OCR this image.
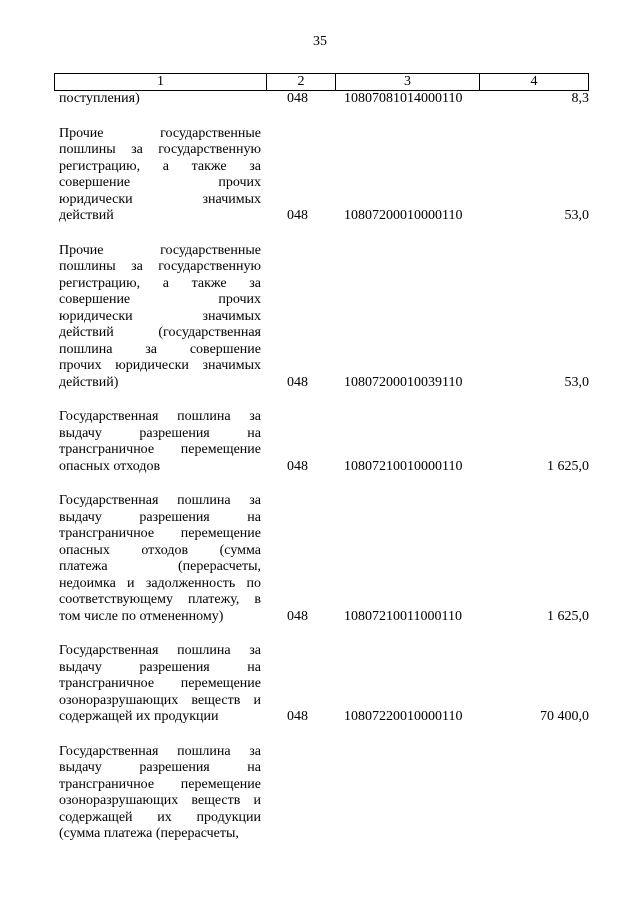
35
1	2	3	4
поступления)	048	10807081014000110	8,3
Прочие государственные
пошлины за государственную
регистрацию, а также за
совершение прочих
юридически значимых
действий	048	10807200010000110	53,0
Прочие государственные
пошлины за государственную
регистрацию, а также за
совершение прочих
юридически значимых
действий (государственная
пошлина за совершение
прочих юридически значимых
действий)	048	10807200010039110	53,0
Государственная пошлина за
выдачу разрешения на
трансграничное перемещение
опасных отходов	048	10807210010000110	1 625,0
Государственная пошлина за
выдачу разрешения на
трансграничное перемещение
опасных отходов (сумма
платежа (перерасчеты,
недоимка и задолженность по
соответствующему платежу, в
том числе по отмененному)	048	10807210011000110	1 625,0
Государственная пошлина за
выдачу разрешения на
трансграничное перемещение
озоноразрушающих веществ и
содержащей их продукции	048	10807220010000110	70 400,0
Государственная пошлина за
выдачу разрешения на
трансграничное перемещение
озоноразрушающих веществ и
содержащей их продукции
(сумма платежа (перерасчеты,
